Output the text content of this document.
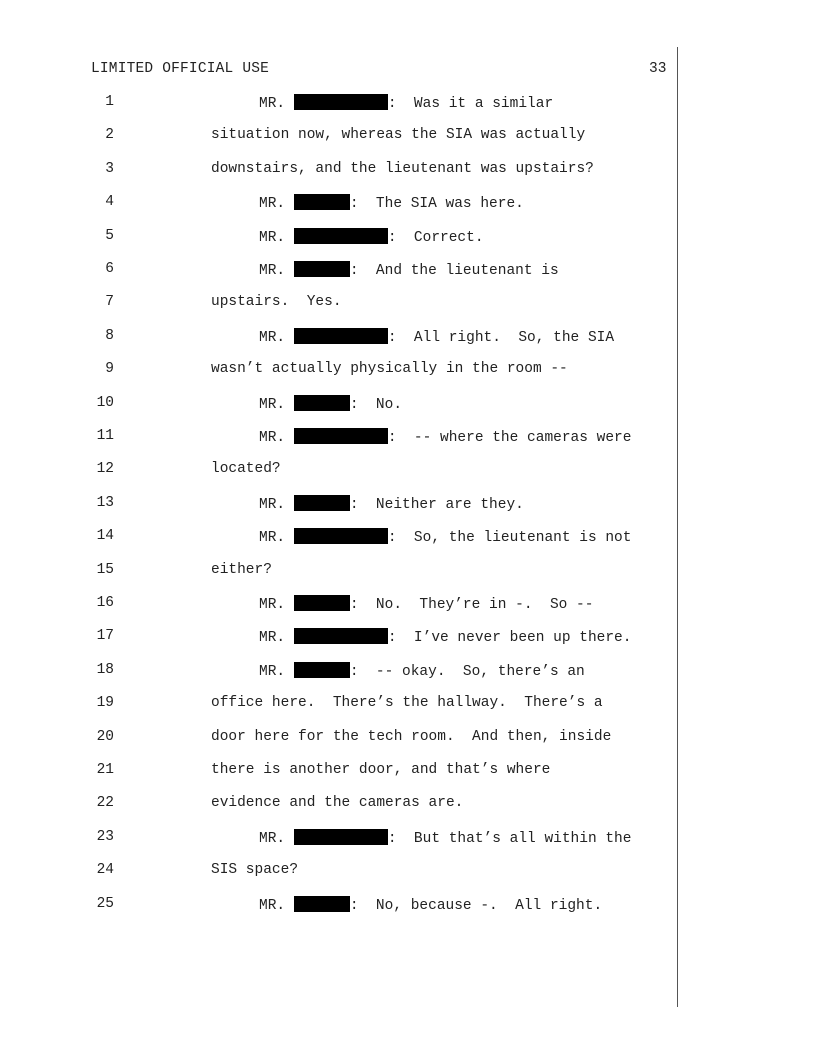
LIMITED OFFICIAL USE	33
1	MR.	:  Was it a similar
2	situation now, whereas the SIA was actually
3	downstairs, and the lieutenant was upstairs?
4	MR.	:  The SIA was here.
5	MR.	:  Correct.
6	MR.	:  And the lieutenant is
7	upstairs.  Yes.
8	MR.	:  All right.  So, the SIA
9	wasn’t actually physically in the room --
10	MR.	:  No.
11	MR.	:  -- where the cameras were
12	located?
13	MR.	:  Neither are they.
14	MR.	:  So, the lieutenant is not
15	either?
16	MR.	:  No.  They’re in -.  So --
17	MR.	:  I’ve never been up there.
18	MR.	:  -- okay.  So, there’s an
19	office here.  There’s the hallway.  There’s a
20	door here for the tech room.  And then, inside
21	there is another door, and that’s where
22	evidence and the cameras are.
23	MR.	:  But that’s all within the
24	SIS space?
25	MR.	:  No, because -.  All right.
